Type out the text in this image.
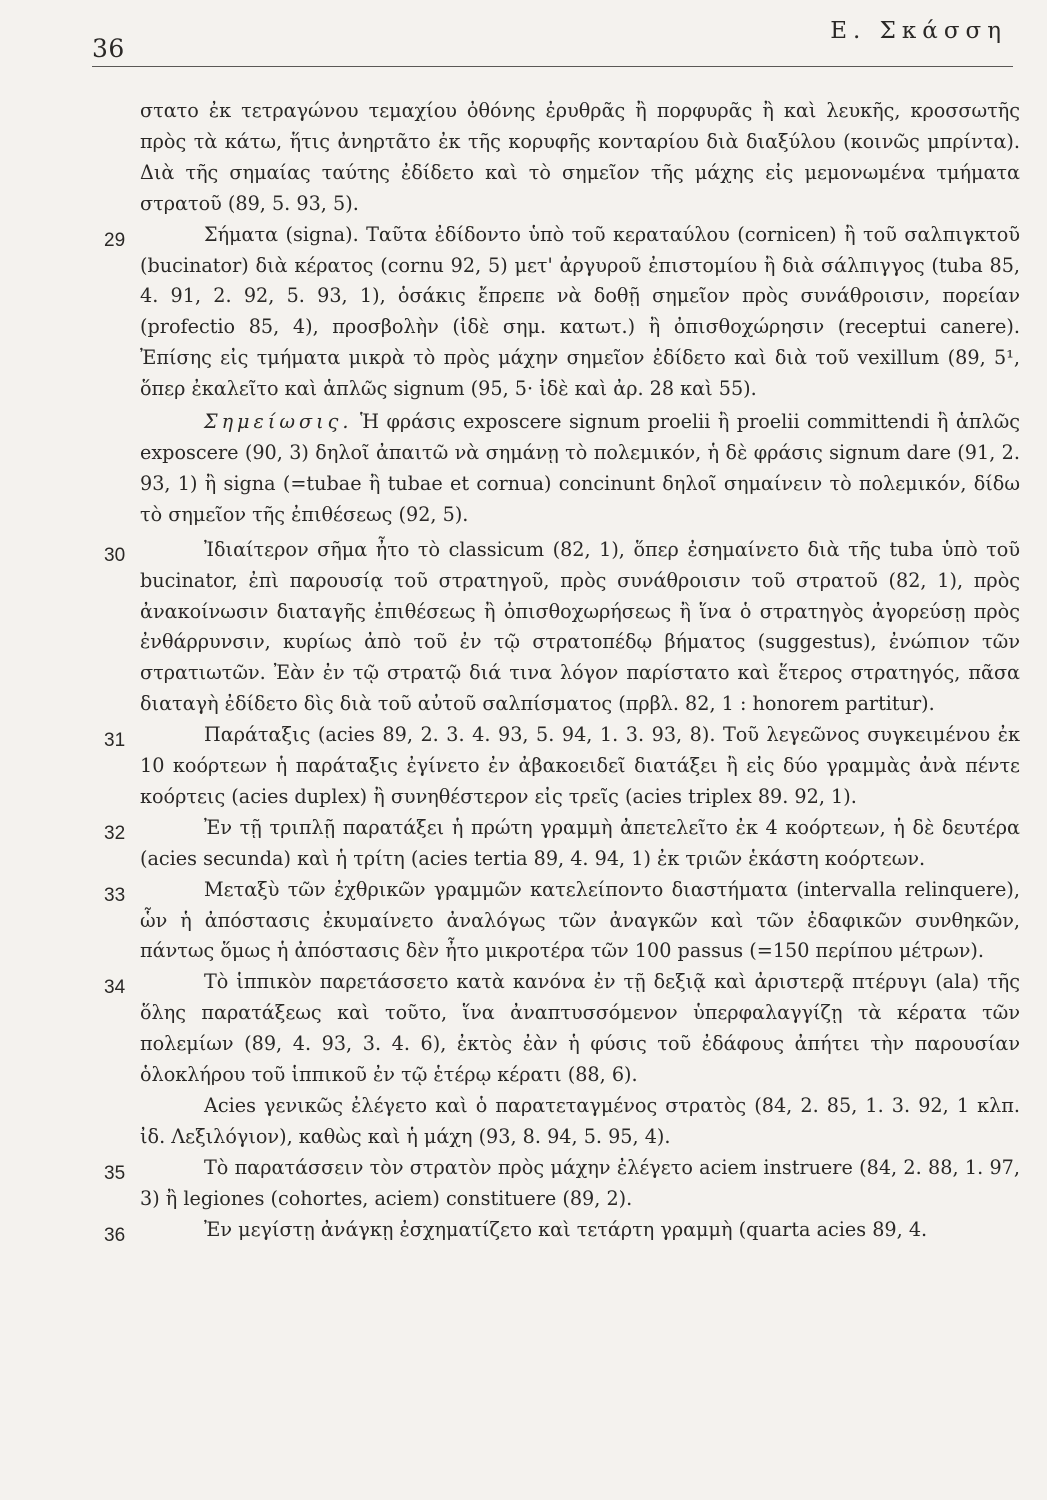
36
Ε. Σκάσση

στατο ἐκ τετραγώνου τεμαχίου ὀθόνης ἐρυθρᾶς ἢ πορφυρᾶς ἢ καὶ λευκῆς, κροσσωτῆς πρὸς τὰ κάτω, ἥτις ἀνηρτᾶτο ἐκ τῆς κορυφῆς κονταρίου διὰ διαξύλου (κοινῶς μπρίντα). Διὰ τῆς σημαίας ταύτης ἐδίδετο καὶ τὸ σημεῖον τῆς μάχης εἰς μεμονωμένα τμήματα στρατοῦ (89, 5. 93, 5).

29	Σήματα (signa). Ταῦτα ἐδίδοντο ὑπὸ τοῦ κεραταύλου (cornicen) ἢ τοῦ σαλπιγκτοῦ (bucinator) διὰ κέρατος (cornu 92, 5) μετ' ἀργυροῦ ἐπιστομίου ἢ διὰ σάλπιγγος (tuba 85, 4. 91, 2. 92, 5. 93, 1), ὁσάκις ἔπρεπε νὰ δοθῇ σημεῖον πρὸς συνάθροισιν, πορείαν (profectio 85, 4), προσβολὴν (ἰδὲ σημ. κατωτ.) ἢ ὀπισθοχώρησιν (receptui canere). Ἐπίσης εἰς τμήματα μικρὰ τὸ πρὸς μάχην σημεῖον ἐδίδετο καὶ διὰ τοῦ vexillum (89, 5¹, ὅπερ ἐκαλεῖτο καὶ ἁπλῶς signum (95, 5· ἰδὲ καὶ ἀρ. 28 καὶ 55).

Σημείωσις. Ἡ φράσις exposcere signum proelii ἢ proelii committendi ἢ ἁπλῶς exposcere (90, 3) δηλοῖ ἀπαιτῶ νὰ σημάνῃ τὸ πολεμικόν, ἡ δὲ φράσις signum dare (91, 2. 93, 1) ἢ signa (=tubae ἢ tubae et cornua) concinunt δηλοῖ σημαίνειν τὸ πολεμικόν, δίδω τὸ σημεῖον τῆς ἐπιθέσεως (92, 5).

30	Ἰδιαίτερον σῆμα ἦτο τὸ classicum (82, 1), ὅπερ ἐσημαίνετο διὰ τῆς tuba ὑπὸ τοῦ bucinator, ἐπὶ παρουσίᾳ τοῦ στρατηγοῦ, πρὸς συνάθροισιν τοῦ στρατοῦ (82, 1), πρὸς ἀνακοίνωσιν διαταγῆς ἐπιθέσεως ἢ ὀπισθοχωρήσεως ἢ ἵνα ὁ στρατηγὸς ἀγορεύσῃ πρὸς ἐνθάρρυνσιν, κυρίως ἀπὸ τοῦ ἐν τῷ στρατοπέδῳ βήματος (suggestus), ἐνώπιον τῶν στρατιωτῶν. Ἐὰν ἐν τῷ στρατῷ διά τινα λόγον παρίστατο καὶ ἕτερος στρατηγός, πᾶσα διαταγὴ ἐδίδετο δὶς διὰ τοῦ αὐτοῦ σαλπίσματος (πρβλ. 82, 1 : honorem partitur).

31	Παράταξις (acies 89, 2. 3. 4. 93, 5. 94, 1. 3. 93, 8). Τοῦ λεγεῶνος συγκειμένου ἐκ 10 κοόρτεων ἡ παράταξις ἐγίνετο ἐν ἀβακοειδεῖ διατάξει ἢ εἰς δύο γραμμὰς ἀνὰ πέντε κοόρτεις (acies duplex) ἢ συνηθέστερον εἰς τρεῖς (acies triplex 89. 92, 1).

32	Ἐν τῇ τριπλῇ παρατάξει ἡ πρώτη γραμμὴ ἀπετελεῖτο ἐκ 4 κοόρτεων, ἡ δὲ δευτέρα (acies secunda) καὶ ἡ τρίτη (acies tertia 89, 4. 94, 1) ἐκ τριῶν ἑκάστη κοόρτεων.

33	Μεταξὺ τῶν ἐχθρικῶν γραμμῶν κατελείποντο διαστήματα (intervalla relinquere), ὧν ἡ ἀπόστασις ἐκυμαίνετο ἀναλόγως τῶν ἀναγκῶν καὶ τῶν ἐδαφικῶν συνθηκῶν, πάντως ὅμως ἡ ἀπόστασις δὲν ἦτο μικροτέρα τῶν 100 passus (=150 περίπου μέτρων).

34	Τὸ ἱππικὸν παρετάσσετο κατὰ κανόνα ἐν τῇ δεξιᾷ καὶ ἀριστερᾷ πτέρυγι (ala) τῆς ὅλης παρατάξεως καὶ τοῦτο, ἵνα ἀναπτυσσόμενον ὑπερφαλαγγίζῃ τὰ κέρατα τῶν πολεμίων (89, 4. 93, 3. 4. 6), ἐκτὸς ἐὰν ἡ φύσις τοῦ ἐδάφους ἀπήτει τὴν παρουσίαν ὁλοκλήρου τοῦ ἱππικοῦ ἐν τῷ ἑτέρῳ κέρατι (88, 6).

Acies γενικῶς ἐλέγετο καὶ ὁ παρατεταγμένος στρατὸς (84, 2. 85, 1. 3. 92, 1 κλπ. ἰδ. Λεξιλόγιον), καθὼς καὶ ἡ μάχη (93, 8. 94, 5. 95, 4).

35	Τὸ παρατάσσειν τὸν στρατὸν πρὸς μάχην ἐλέγετο aciem instruere (84, 2. 88, 1. 97, 3) ἢ legiones (cohortes, aciem) constituere (89, 2).

36	Ἐν μεγίστῃ ἀνάγκῃ ἐσχηματίζετο καὶ τετάρτη γραμμὴ (quarta acies 89, 4.
